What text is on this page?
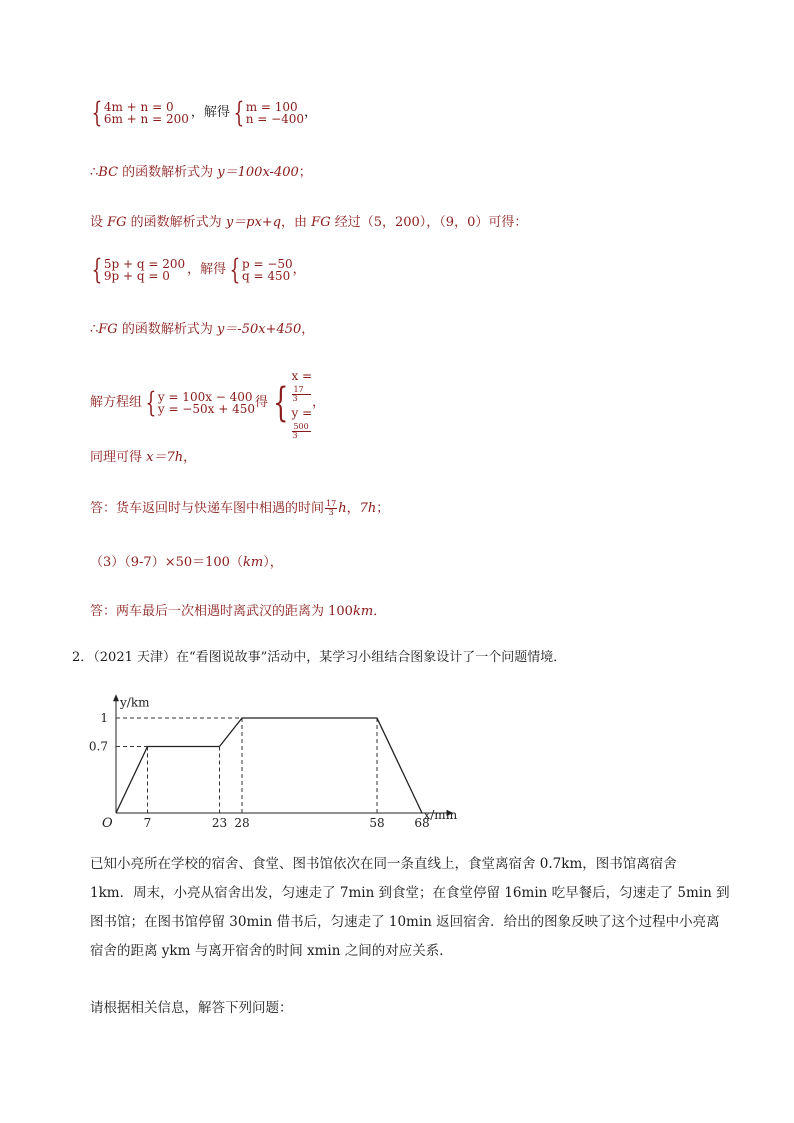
{ 4m + n = 0
6m + n = 200 ，解得 { m = 100
n = −400 ，
∴BC 的函数解析式为 y＝100x-400；
设 FG 的函数解析式为 y＝px+q，由 FG 经过（5，200），（9，0）可得：
{ 5p + q = 200
9p + q = 0	，解得 { p = −50
q = 450 ，
∴FG 的函数解析式为 y＝-50x+450，
解方程组 { y = 100x − 400
y = −50x + 450 得 {
x =
17
3
y =
500
3
，
同理可得 x＝7h，
答：货车返回时与快递车图中相遇的时间 $\frac{17}{3}$ h，7h；
（3）（9-7）×50＝100（km），
答：两车最后一次相遇时离武汉的距离为 100km．
2．（2021 天津）在“看图说故事”活动中，某学习小组结合图象设计了一个问题情境．
7	23 28	58 68
1
0.7
O
x/min
y/km
已知小亮所在学校的宿舍、食堂、图书馆依次在同一条直线上，食堂离宿舍 0.7km，图书馆离宿舍
1km．周末，小亮从宿舍出发，匀速走了 7min 到食堂；在食堂停留 16min 吃早餐后，匀速走了 5min 到
图书馆；在图书馆停留 30min 借书后，匀速走了 10min 返回宿舍．给出的图象反映了这个过程中小亮离
宿舍的距离 ykm 与离开宿舍的时间 xmin 之间的对应关系．
请根据相关信息，解答下列问题：
